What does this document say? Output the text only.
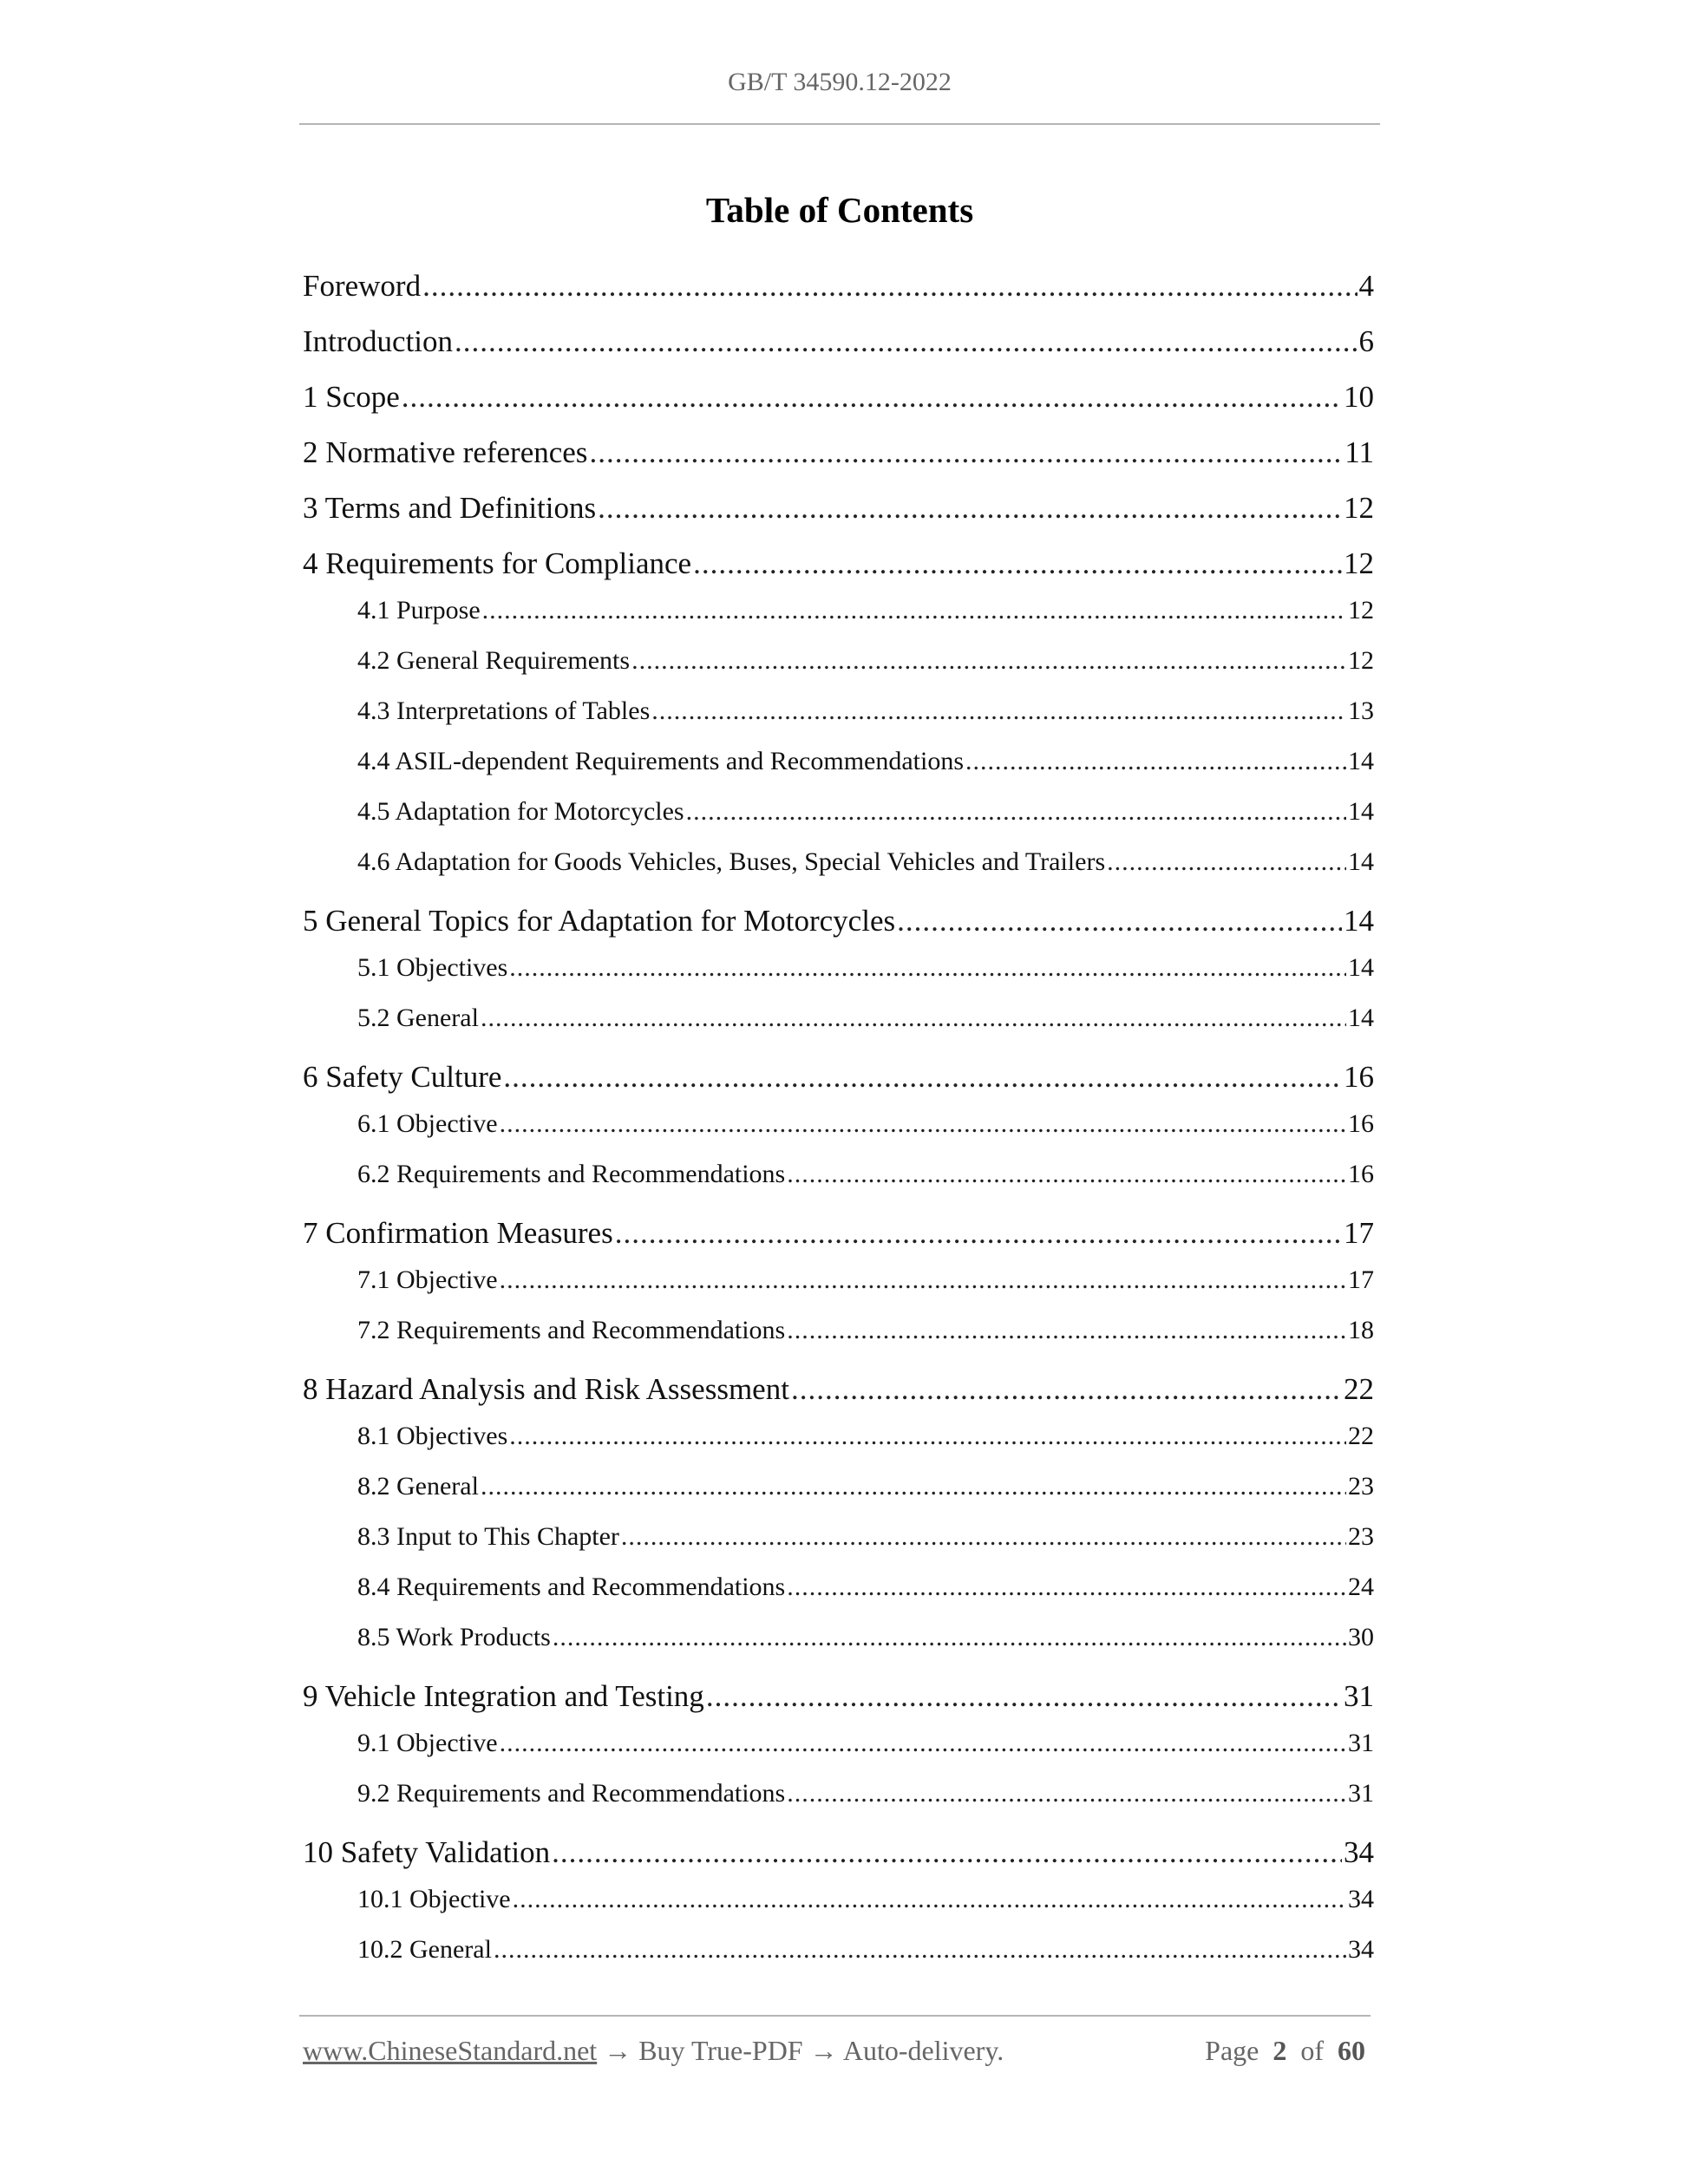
GB/T 34590.12-2022
Table of Contents
Foreword .....	4
Introduction .....	6
1 Scope .....	10
2 Normative references .....	11
3 Terms and Definitions .....	12
4 Requirements for Compliance .....	12
4.1 Purpose .....	12
4.2 General Requirements .....	12
4.3 Interpretations of Tables .....	13
4.4 ASIL-dependent Requirements and Recommendations .....	14
4.5 Adaptation for Motorcycles .....	14
4.6 Adaptation for Goods Vehicles, Buses, Special Vehicles and Trailers .....	14
5 General Topics for Adaptation for Motorcycles .....	14
5.1 Objectives .....	14
5.2 General .....	14
6 Safety Culture .....	16
6.1 Objective .....	16
6.2 Requirements and Recommendations .....	16
7 Confirmation Measures .....	17
7.1 Objective .....	17
7.2 Requirements and Recommendations .....	18
8 Hazard Analysis and Risk Assessment .....	22
8.1 Objectives .....	22
8.2 General .....	23
8.3 Input to This Chapter .....	23
8.4 Requirements and Recommendations .....	24
8.5 Work Products .....	30
9 Vehicle Integration and Testing .....	31
9.1 Objective .....	31
9.2 Requirements and Recommendations .....	31
10 Safety Validation .....	34
10.1 Objective .....	34
10.2 General .....	34
www.ChineseStandard.net → Buy True-PDF → Auto-delivery.	Page 2 of 60
